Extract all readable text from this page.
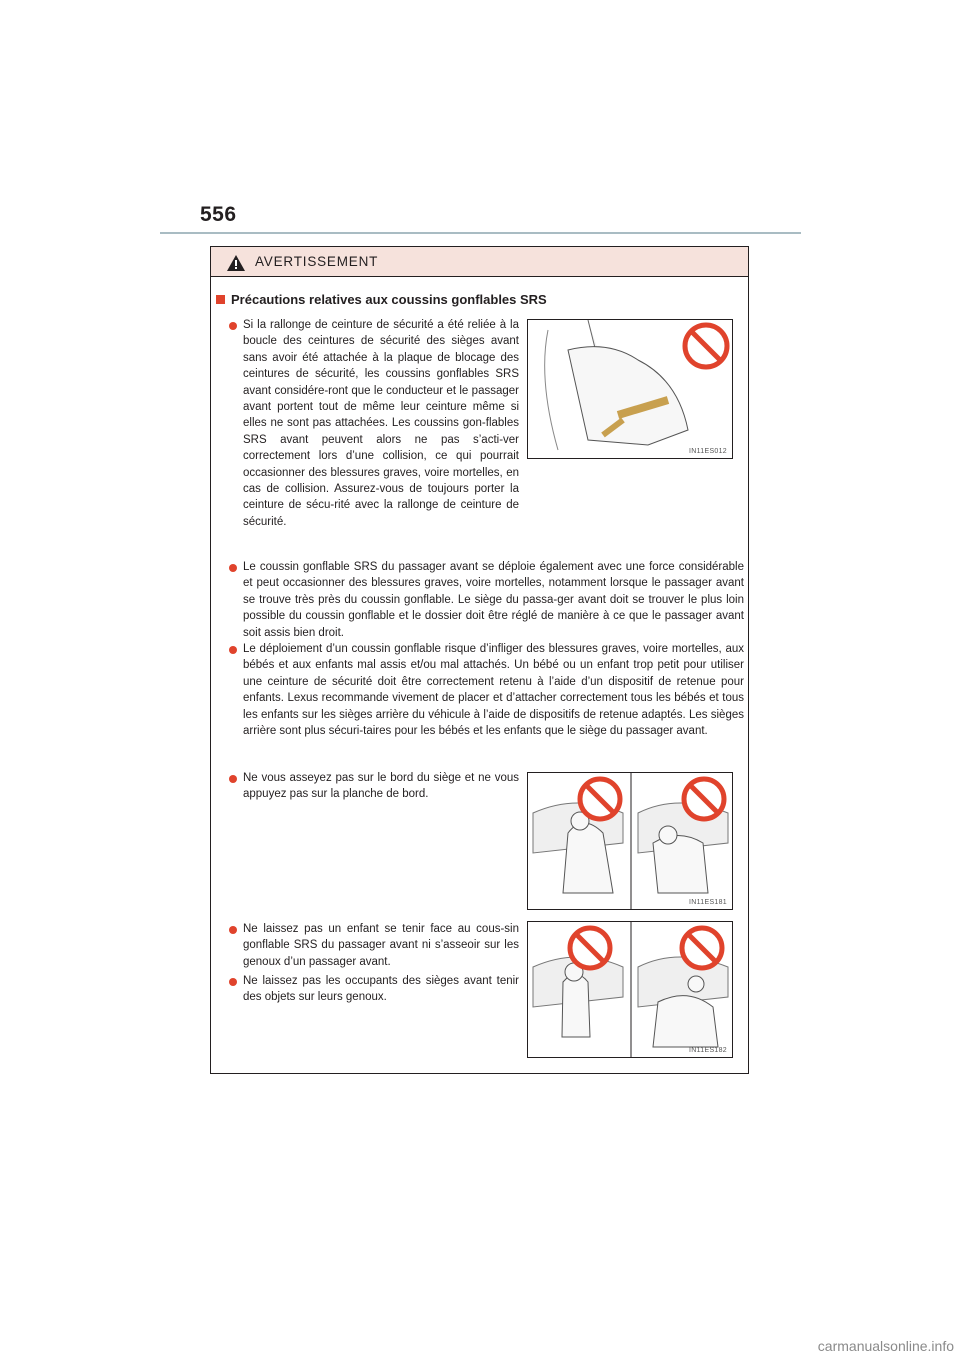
556
AVERTISSEMENT
Précautions relatives aux coussins gonflables SRS
Si la rallonge de ceinture de sécurité a été reliée à la boucle des ceintures de sécurité des sièges avant sans avoir été attachée à la plaque de blocage des ceintures de sécurité, les coussins gonflables SRS avant considére-ront que le conducteur et le passager avant portent tout de même leur ceinture même si elles ne sont pas attachées. Les coussins gon-flables SRS avant peuvent alors ne pas s’acti-ver correctement lors d’une collision, ce qui pourrait occasionner des blessures graves, voire mortelles, en cas de collision. Assurez-vous de toujours porter la ceinture de sécu-rité avec la rallonge de ceinture de sécurité.
IN11ES012
Le coussin gonflable SRS du passager avant se déploie également avec une force considérable et peut occasionner des blessures graves, voire mortelles, notamment lorsque le passager avant se trouve très près du coussin gonflable. Le siège du passa-ger avant doit se trouver le plus loin possible du coussin gonflable et le dossier doit être réglé de manière à ce que le passager avant soit assis bien droit.
Le déploiement d’un coussin gonflable risque d’infliger des blessures graves, voire mortelles, aux bébés et aux enfants mal assis et/ou mal attachés. Un bébé ou un enfant trop petit pour utiliser une ceinture de sécurité doit être correctement retenu à l’aide d’un dispositif de retenue pour enfants. Lexus recommande vivement de placer et d’attacher correctement tous les bébés et tous les enfants sur les sièges arrière du véhicule à l’aide de dispositifs de retenue adaptés. Les sièges arrière sont plus sécuri-taires pour les bébés et les enfants que le siège du passager avant.
Ne vous asseyez pas sur le bord du siège et ne vous appuyez pas sur la planche de bord.
IN11ES181
Ne laissez pas un enfant se tenir face au cous-sin gonflable SRS du passager avant ni s’asseoir sur les genoux d’un passager avant.
Ne laissez pas les occupants des sièges avant tenir des objets sur leurs genoux.
IN11ES182
carmanualsonline.info
